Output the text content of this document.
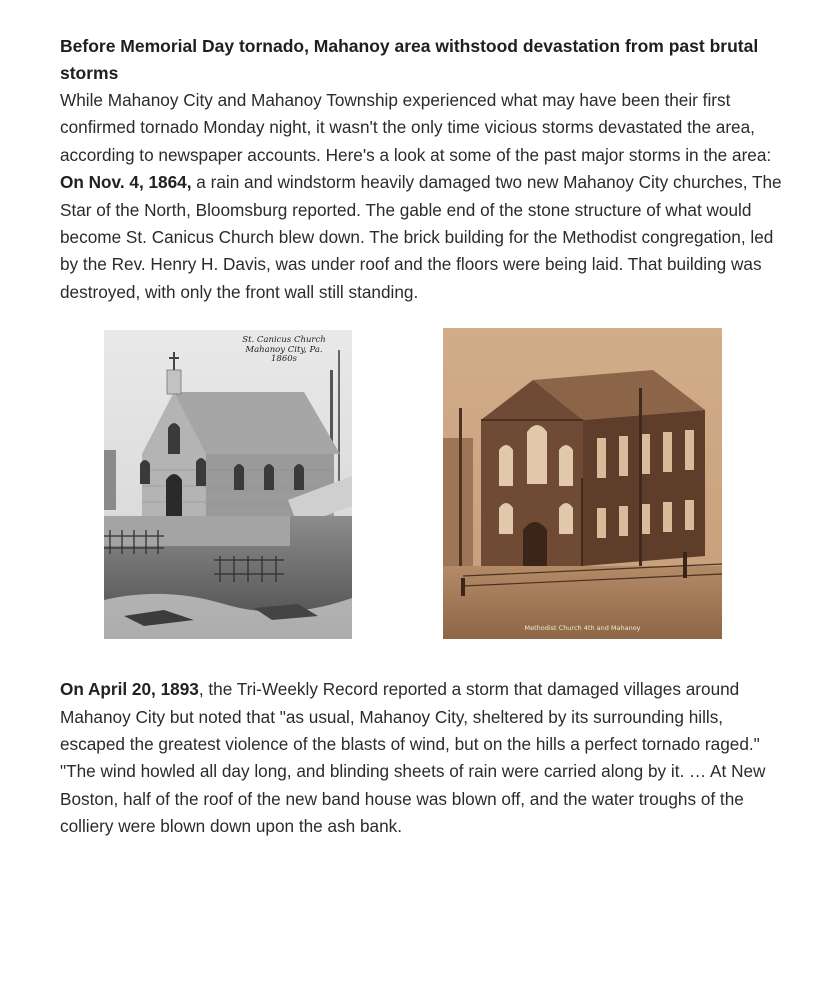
Before Memorial Day tornado, Mahanoy area withstood devastation from past brutal storms

While Mahanoy City and Mahanoy Township experienced what may have been their first confirmed tornado Monday night, it wasn't the only time vicious storms devastated the area, according to newspaper accounts. Here's a look at some of the past major storms in the area:

On Nov. 4, 1864, a rain and windstorm heavily damaged two new Mahanoy City churches, The Star of the North, Bloomsburg reported. The gable end of the stone structure of what would become St. Canicus Church blew down. The brick building for the Methodist congregation, led by the Rev. Henry H. Davis, was under roof and the floors were being laid. That building was destroyed, with only the front wall still standing.

St. Canicus Church
Mahanoy City, Pa.
1860s
Methodist Church 4th and Mahanoy

On April 20, 1893, the Tri-Weekly Record reported a storm that damaged villages around Mahanoy City but noted that "as usual, Mahanoy City, sheltered by its surrounding hills, escaped the greatest violence of the blasts of wind, but on the hills a perfect tornado raged."

"The wind howled all day long, and blinding sheets of rain were carried along by it. … At New Boston, half of the roof of the new band house was blown off, and the water troughs of the colliery were blown down upon the ash bank.
